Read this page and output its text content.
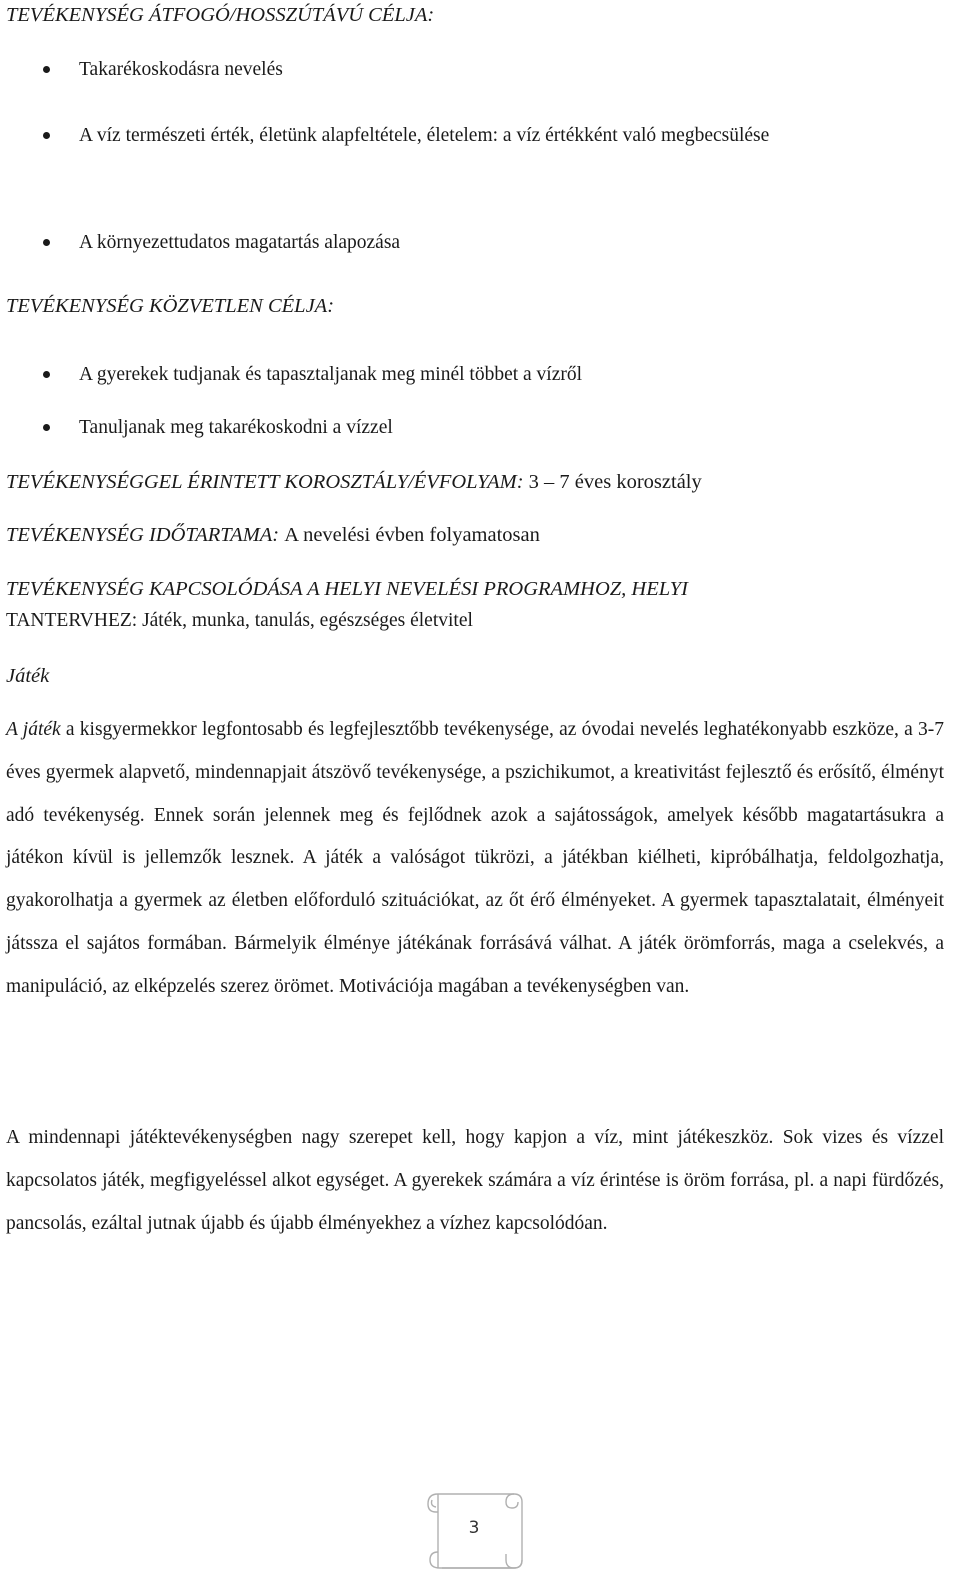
TEVÉKENYSÉG ÁTFOGÓ/HOSSZÚTÁVÚ CÉLJA:
Takarékoskodásra nevelés
A víz természeti érték, életünk alapfeltétele, életelem: a víz értékként való megbecsülése
A környezettudatos magatartás alapozása
TEVÉKENYSÉG KÖZVETLEN CÉLJA:
A gyerekek tudjanak és tapasztaljanak meg minél többet a vízről
Tanuljanak meg takarékoskodni a vízzel
TEVÉKENYSÉGGEL ÉRINTETT KOROSZTÁLY/ÉVFOLYAM: 3 – 7 éves korosztály
TEVÉKENYSÉG IDŐTARTAMA: A nevelési évben folyamatosan
TEVÉKENYSÉG KAPCSOLÓDÁSA A HELYI NEVELÉSI PROGRAMHOZ, HELYI
TANTERVHEZ: Játék, munka, tanulás, egészséges életvitel
Játék

A játék a kisgyermekkor legfontosabb és legfejlesztőbb tevékenysége, az óvodai nevelés leghatékonyabb eszköze, a 3-7 éves gyermek alapvető, mindennapjait átszövő tevékenysége, a pszichikumot, a kreativitást fejlesztő és erősítő, élményt adó tevékenység. Ennek során jelennek meg és fejlődnek azok a sajátosságok, amelyek később magatartásukra a játékon kívül is jellemzők lesznek. A játék a valóságot tükrözi, a játékban kiélheti, kipróbálhatja, feldolgozhatja, gyakorolhatja a gyermek az életben előforduló szituációkat, az őt érő élményeket. A gyermek tapasztalatait, élményeit játssza el sajátos formában. Bármelyik élménye játékának forrásává válhat. A játék örömforrás, maga a cselekvés, a manipuláció, az elképzelés szerez örömet. Motivációja magában a tevékenységben van.

A mindennapi játéktevékenységben nagy szerepet kell, hogy kapjon a víz, mint játékeszköz. Sok vizes és vízzel kapcsolatos játék, megfigyeléssel alkot egységet. A gyerekek számára a víz érintése is öröm forrása, pl. a napi fürdőzés, pancsolás, ezáltal jutnak újabb és újabb élményekhez a vízhez kapcsolódóan.

3
